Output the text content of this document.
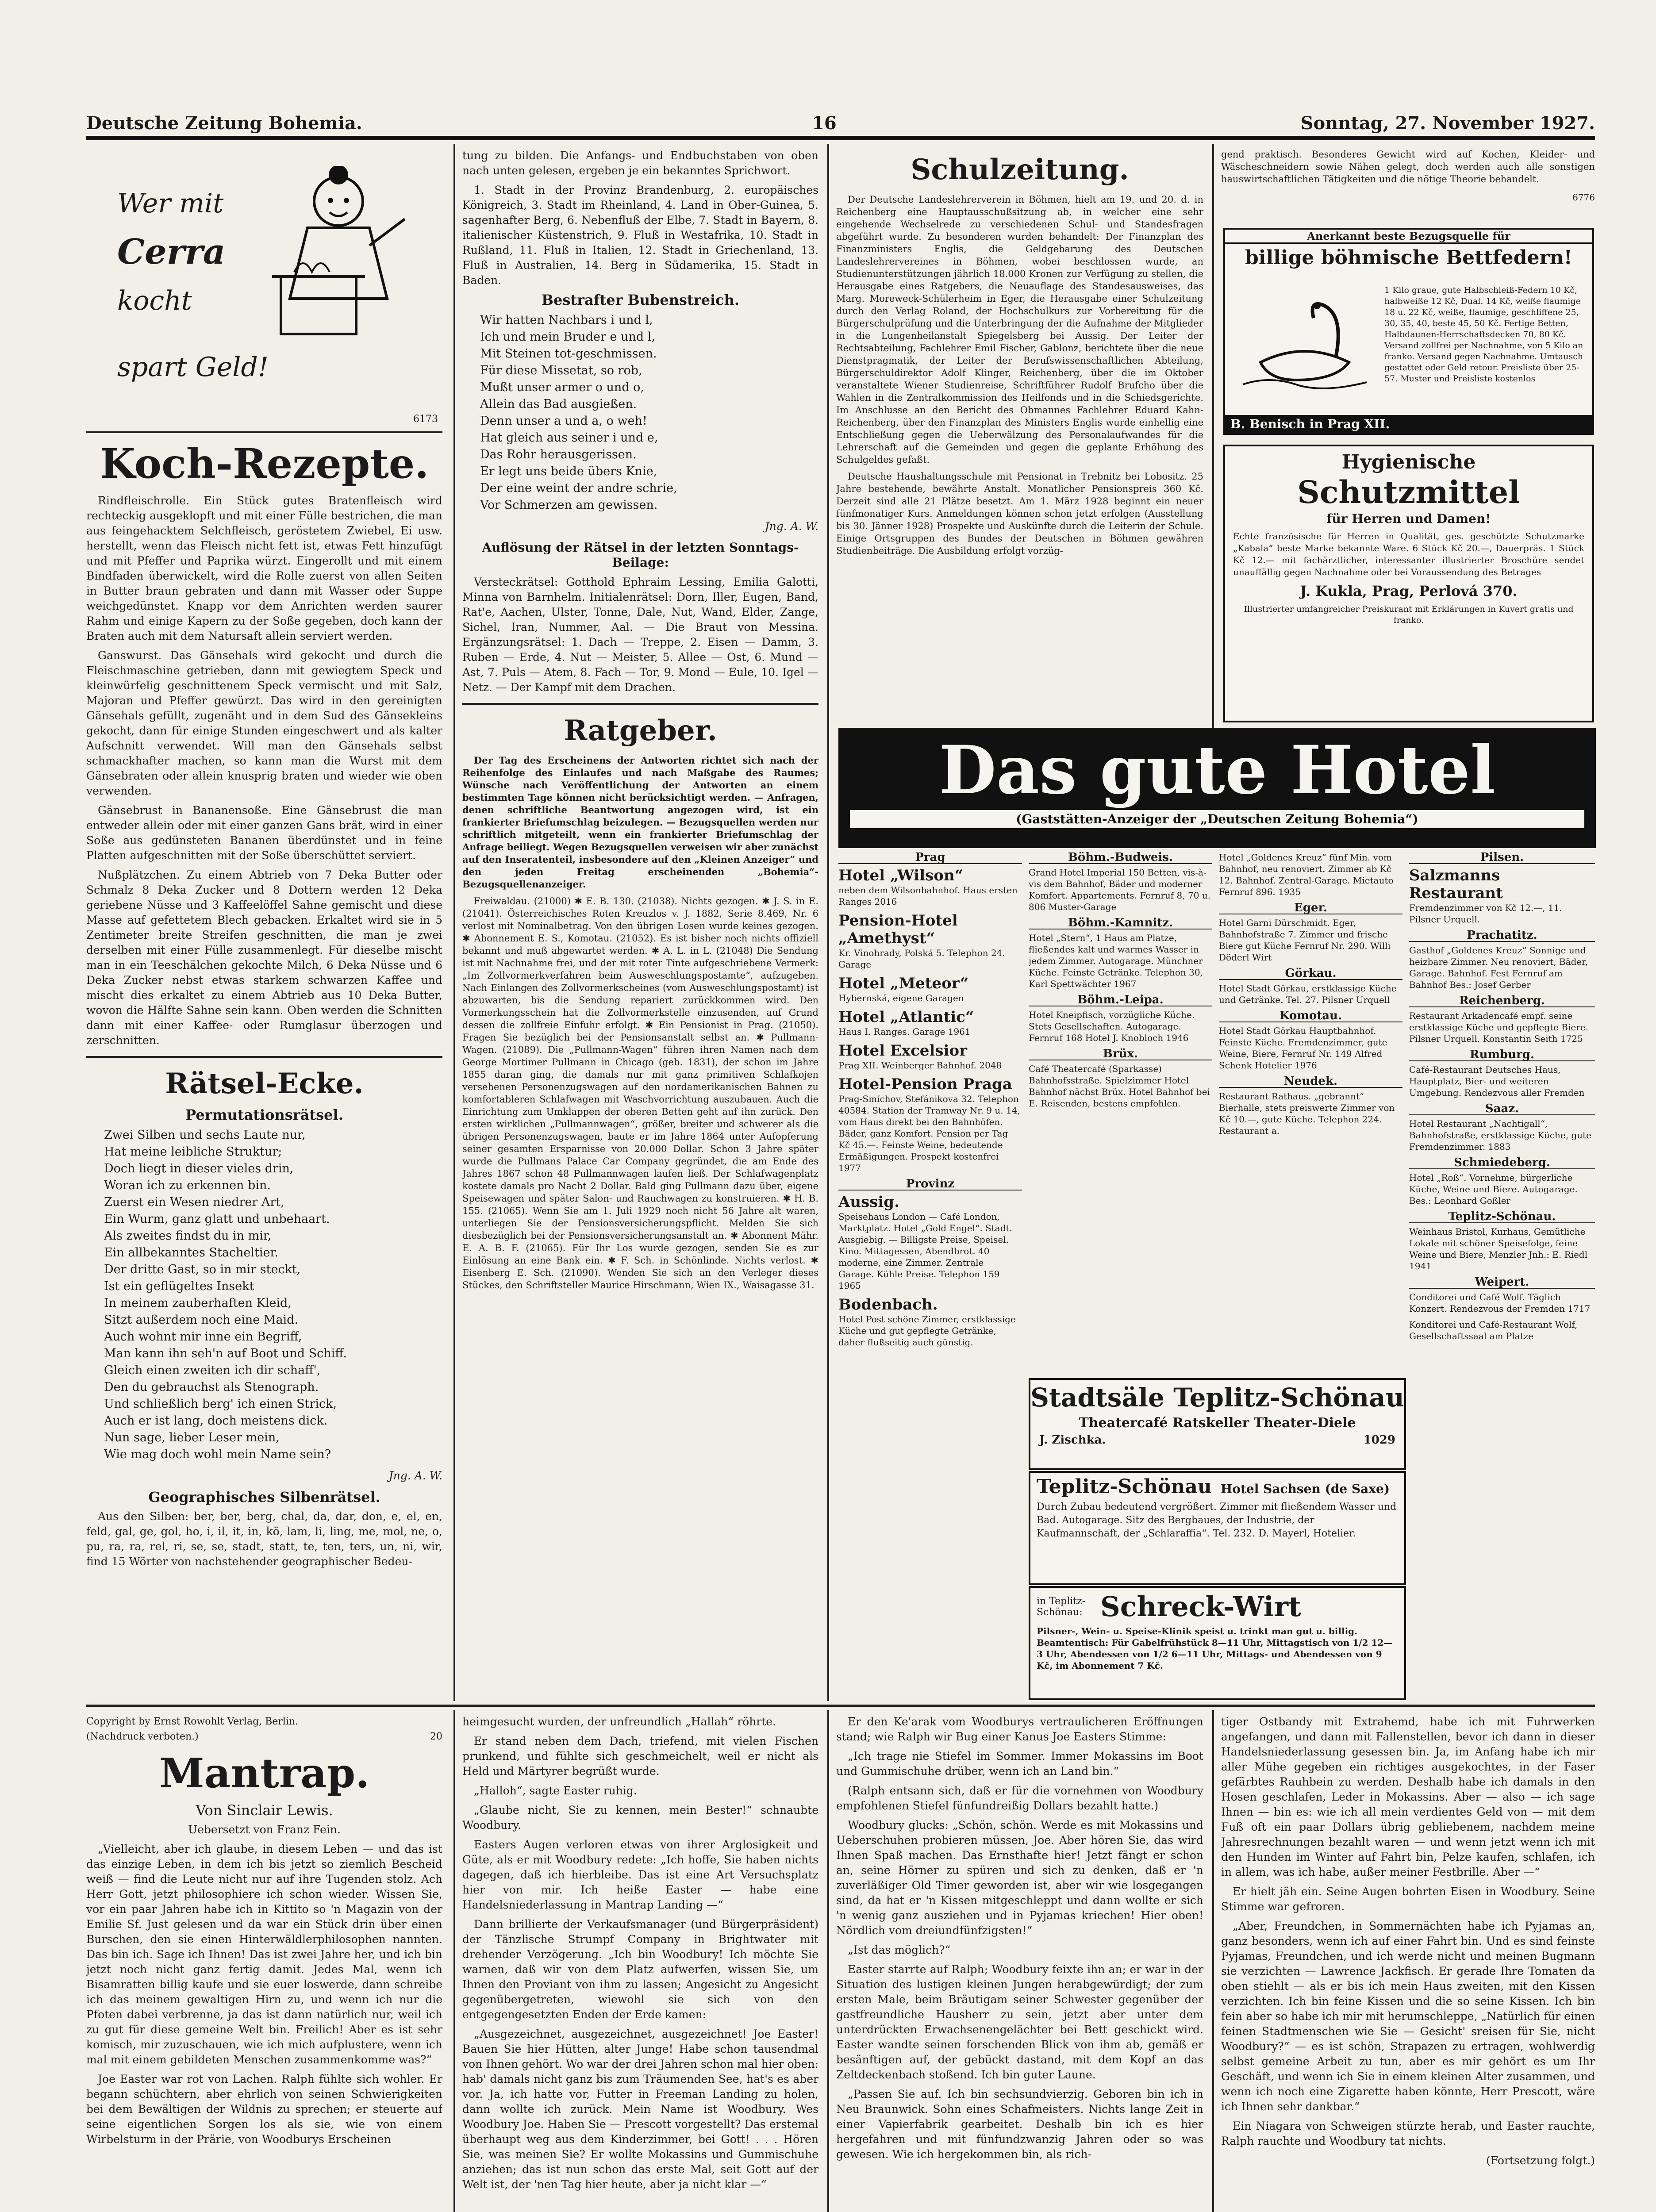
Deutsche Zeitung Bohemia.	16	Sonntag, 27. November 1927.
Wer mit
Cerra
kocht
spart Geld!
6173
Koch-Rezepte.

Rindfleischrolle. Ein Stück gutes Bratenfleisch wird rechteckig ausgeklopft und mit einer Fülle bestrichen, die man aus feingehacktem Selchfleisch, geröstetem Zwiebel, Ei usw. herstellt, wenn das Fleisch nicht fett ist, etwas Fett hinzufügt und mit Pfeffer und Paprika würzt. Eingerollt und mit einem Bindfaden überwickelt, wird die Rolle zuerst von allen Seiten in Butter braun gebraten und dann mit Wasser oder Suppe weichgedünstet. Knapp vor dem Anrichten werden saurer Rahm und einige Kapern zu der Soße gegeben, doch kann der Braten auch mit dem Natursaft allein serviert werden.

Ganswurst. Das Gänsehals wird gekocht und durch die Fleischmaschine getrieben, dann mit gewiegtem Speck und kleinwürfelig geschnittenem Speck vermischt und mit Salz, Majoran und Pfeffer gewürzt. Das wird in den gereinigten Gänsehals gefüllt, zugenäht und in dem Sud des Gänsekleins gekocht, dann für einige Stunden eingeschwert und als kalter Aufschnitt verwendet. Will man den Gänsehals selbst schmackhafter machen, so kann man die Wurst mit dem Gänsebraten oder allein knusprig braten und wieder wie oben verwenden.

Gänsebrust in Bananensoße. Eine Gänsebrust die man entweder allein oder mit einer ganzen Gans brät, wird in einer Soße aus gedünsteten Bananen überdünstet und in feine Platten aufgeschnitten mit der Soße überschüttet serviert.

Nußplätzchen. Zu einem Abtrieb von 7 Deka Butter oder Schmalz 8 Deka Zucker und 8 Dottern werden 12 Deka geriebene Nüsse und 3 Kaffeelöffel Sahne gemischt und diese Masse auf gefettetem Blech gebacken. Erkaltet wird sie in 5 Zentimeter breite Streifen geschnitten, die man je zwei derselben mit einer Fülle zusammenlegt. Für dieselbe mischt man in ein Teeschälchen gekochte Milch, 6 Deka Nüsse und 6 Deka Zucker nebst etwas starkem schwarzen Kaffee und mischt dies erkaltet zu einem Abtrieb aus 10 Deka Butter, wovon die Hälfte Sahne sein kann. Oben werden die Schnitten dann mit einer Kaffee- oder Rumglasur überzogen und zerschnitten.

Rätsel-Ecke.
Permutationsrätsel.
Zwei Silben und sechs Laute nur,
Hat meine leibliche Struktur;
Doch liegt in dieser vieles drin,
Woran ich zu erkennen bin.
Zuerst ein Wesen niedrer Art,
Ein Wurm, ganz glatt und unbehaart.
Als zweites findst du in mir,
Ein allbekanntes Stacheltier.
Der dritte Gast, so in mir steckt,
Ist ein geflügeltes Insekt
In meinem zauberhaften Kleid,
Sitzt außerdem noch eine Maid.
Auch wohnt mir inne ein Begriff,
Man kann ihn seh'n auf Boot und Schiff.
Gleich einen zweiten ich dir schaff',
Den du gebrauchst als Stenograph.
Und schließlich berg' ich einen Strick,
Auch er ist lang, doch meistens dick.
Nun sage, lieber Leser mein,
Wie mag doch wohl mein Name sein?
Jng. A. W.
Geographisches Silbenrätsel.

Aus den Silben: ber, ber, berg, chal, da, dar, don, e, el, en, feld, gal, ge, gol, ho, i, il, it, in, kö, lam, li, ling, me, mol, ne, o, pu, ra, ra, rel, ri, se, se, stadt, statt, te, ten, ters, un, ni, wir, find 15 Wörter von nachstehender geographischer Bedeu-

tung zu bilden. Die Anfangs- und Endbuchstaben von oben nach unten gelesen, ergeben je ein bekanntes Sprichwort.

1. Stadt in der Provinz Brandenburg, 2. europäisches Königreich, 3. Stadt im Rheinland, 4. Land in Ober-Guinea, 5. sagenhafter Berg, 6. Nebenfluß der Elbe, 7. Stadt in Bayern, 8. italienischer Küstenstrich, 9. Fluß in Westafrika, 10. Stadt in Rußland, 11. Fluß in Italien, 12. Stadt in Griechenland, 13. Fluß in Australien, 14. Berg in Südamerika, 15. Stadt in Baden.

Bestrafter Bubenstreich.
Wir hatten Nachbars i und l,
Ich und mein Bruder e und l,
Mit Steinen tot-geschmissen.
Für diese Missetat, so rob,
Mußt unser armer o und o,
Allein das Bad ausgießen.
Denn unser a und a, o weh!
Hat gleich aus seiner i und e,
Das Rohr herausgerissen.
Er legt uns beide übers Knie,
Der eine weint der andre schrie,
Vor Schmerzen am gewissen.
Jng. A. W.
Auflösung der Rätsel in der letzten Sonntags-Beilage:

Versteckrätsel: Gotthold Ephraim Lessing, Emilia Galotti, Minna von Barnhelm. Initialenrätsel: Dorn, Iller, Eugen, Band, Rat'e, Aachen, Ulster, Tonne, Dale, Nut, Wand, Elder, Zange, Sichel, Iran, Nummer, Aal. — Die Braut von Messina. Ergänzungsrätsel: 1. Dach — Treppe, 2. Eisen — Damm, 3. Ruben — Erde, 4. Nut — Meister, 5. Allee — Ost, 6. Mund — Ast, 7. Puls — Atem, 8. Fach — Tor, 9. Mond — Eule, 10. Igel — Netz. — Der Kampf mit dem Drachen.

Ratgeber.

Der Tag des Erscheinens der Antworten richtet sich nach der Reihenfolge des Einlaufes und nach Maßgabe des Raumes; Wünsche nach Veröffentlichung der Antworten an einem bestimmten Tage können nicht berücksichtigt werden. — Anfragen, denen schriftliche Beantwortung angezogen wird, ist ein frankierter Briefumschlag beizulegen. — Bezugsquellen werden nur schriftlich mitgeteilt, wenn ein frankierter Briefumschlag der Anfrage beiliegt. Wegen Bezugsquellen verweisen wir aber zunächst auf den Inseratenteil, insbesondere auf den „Kleinen Anzeiger“ und den jeden Freitag erscheinenden „Bohemia“-Bezugsquellenanzeiger.

Freiwaldau. (21000) ✱ E. B. 130. (21038). Nichts gezogen. ✱ J. S. in E. (21041). Österreichisches Roten Kreuzlos v. J. 1882, Serie 8.469, Nr. 6 verlost mit Nominalbetrag. Von den übrigen Losen wurde keines gezogen. ✱ Abonnement E. S., Komotau. (21052). Es ist bisher noch nichts offiziell bekannt und muß abgewartet werden. ✱ A. L. in L. (21048) Die Sendung ist mit Nachnahme frei, und der mit roter Tinte aufgeschriebene Vermerk: „Im Zollvormerkverfahren beim Ausweschlungspostamte“, aufzugeben. Nach Einlangen des Zollvormerkscheines (vom Ausweschlungspostamt) ist abzuwarten, bis die Sendung repariert zurückkommen wird. Den Vormerkungsschein hat die Zollvormerkstelle einzusenden, auf Grund dessen die zollfreie Einfuhr erfolgt. ✱ Ein Pensionist in Prag. (21050). Fragen Sie bezüglich bei der Pensionsanstalt selbst an. ✱ Pullmann-Wagen. (21089). Die „Pullmann-Wagen“ führen ihren Namen nach dem George Mortimer Pullmann in Chicago (geb. 1831), der schon im Jahre 1855 daran ging, die damals nur mit ganz primitiven Schlafkojen versehenen Personenzugswagen auf den nordamerikanischen Bahnen zu komfortableren Schlafwagen mit Waschvorrichtung auszubauen. Auch die Einrichtung zum Umklappen der oberen Betten geht auf ihn zurück. Den ersten wirklichen „Pullmannwagen“, größer, breiter und schwerer als die übrigen Personenzugswagen, baute er im Jahre 1864 unter Aufopferung seiner gesamten Ersparnisse von 20.000 Dollar. Schon 3 Jahre später wurde die Pullmans Palace Car Company gegründet, die am Ende des Jahres 1867 schon 48 Pullmannwagen laufen ließ. Der Schlafwagenplatz kostete damals pro Nacht 2 Dollar. Bald ging Pullmann dazu über, eigene Speisewagen und später Salon- und Rauchwagen zu konstruieren. ✱ H. B. 155. (21065). Wenn Sie am 1. Juli 1929 noch nicht 56 Jahre alt waren, unterliegen Sie der Pensionsversicherungspflicht. Melden Sie sich diesbezüglich bei der Pensionsversicherungsanstalt an. ✱ Abonnent Mähr. E. A. B. F. (21065). Für Ihr Los wurde gezogen, senden Sie es zur Einlösung an eine Bank ein. ✱ F. Sch. in Schönlinde. Nichts verlost. ✱ Eisenberg E. Sch. (21090). Wenden Sie sich an den Verleger dieses Stückes, den Schriftsteller Maurice Hirschmann, Wien IX., Waisagasse 31.

Schulzeitung.

Der Deutsche Landeslehrerverein in Böhmen, hielt am 19. und 20. d. in Reichenberg eine Hauptausschußsitzung ab, in welcher eine sehr eingehende Wechselrede zu verschiedenen Schul- und Standesfragen abgeführt wurde. Zu besonderen wurden behandelt: Der Finanzplan des Finanzministers Englis, die Geldgebarung des Deutschen Landeslehrervereines in Böhmen, wobei beschlossen wurde, an Studienunterstützungen jährlich 18.000 Kronen zur Verfügung zu stellen, die Herausgabe eines Ratgebers, die Neuauflage des Standesausweises, das Marg. Moreweck-Schülerheim in Eger, die Herausgabe einer Schulzeitung durch den Verlag Roland, der Hochschulkurs zur Vorbereitung für die Bürgerschulprüfung und die Unterbringung der die Aufnahme der Mitglieder in die Lungenheilanstalt Spiegelsberg bei Aussig. Der Leiter der Rechtsabteilung, Fachlehrer Emil Fischer, Gablonz, berichtete über die neue Dienstpragmatik, der Leiter der Berufswissenschaftlichen Abteilung, Bürgerschuldirektor Adolf Klinger, Reichenberg, über die im Oktober veranstaltete Wiener Studienreise, Schriftführer Rudolf Brufcho über die Wahlen in die Zentralkommission des Heilfonds und in die Schiedsgerichte. Im Anschlusse an den Bericht des Obmannes Fachlehrer Eduard Kahn-Reichenberg, über den Finanzplan des Ministers Englis wurde einhellig eine Entschließung gegen die Ueberwälzung des Personalaufwandes für die Lehrerschaft auf die Gemeinden und gegen die geplante Erhöhung des Schulgeldes gefaßt.

Deutsche Haushaltungsschule mit Pensionat in Trebnitz bei Lobositz. 25 Jahre bestehende, bewährte Anstalt. Monatlicher Pensionspreis 360 Kč. Derzeit sind alle 21 Plätze besetzt. Am 1. März 1928 beginnt ein neuer fünfmonatiger Kurs. Anmeldungen können schon jetzt erfolgen (Ausstellung bis 30. Jänner 1928) Prospekte und Auskünfte durch die Leiterin der Schule. Einige Ortsgruppen des Bundes der Deutschen in Böhmen gewähren Studienbeiträge. Die Ausbildung erfolgt vorzüg-

gend praktisch. Besonderes Gewicht wird auf Kochen, Kleider- und Wäscheschneidern sowie Nähen gelegt, doch werden auch alle sonstigen hauswirtschaftlichen Tätigkeiten und die nötige Theorie behandelt.

6776
Anerkannt beste Bezugsquelle für
billige böhmische Bettfedern!
1 Kilo graue, gute Halbschleiß-Federn 10 Kč, halbweiße 12 Kč, Dual. 14 Kč, weiße flaumige 18 u. 22 Kč, weiße, flaumige, geschliffene 25, 30, 35, 40, beste 45, 50 Kč. Fertige Betten, Halbdaunen-Herrschaftsdecken 70, 80 Kč. Versand zollfrei per Nachnahme, von 5 Kilo an franko. Versand gegen Nachnahme. Umtausch gestattet oder Geld retour. Preisliste über 25-57. Muster und Preisliste kostenlos
B. Benisch in Prag XII.
Hygienische
Schutzmittel
für Herren und Damen!
Echte französische für Herren in Qualität, ges. geschützte Schutzmarke „Kabala“ beste Marke bekannte Ware. 6 Stück Kč 20.—, Dauerpräs. 1 Stück Kč 12.— mit fachärztlicher, interessanter illustrierter Broschüre sendet unauffällig gegen Nachnahme oder bei Voraussendung des Betrages
J. Kukla, Prag, Perlová 370.
Illustrierter umfangreicher Preiskurant mit Erklärungen in Kuvert gratis und franko.
Das gute Hotel
(Gaststätten-Anzeiger der „Deutschen Zeitung Bohemia“)
Prag
Hotel „Wilson“
neben dem Wilsonbahnhof. Haus ersten Ranges 2016
Pension-Hotel „Amethyst“
Kr. Vinohrady, Polská 5. Telephon 24. Garage
Hotel „Meteor“
Hybernská, eigene Garagen
Hotel „Atlantic“
Haus I. Ranges. Garage 1961
Hotel Excelsior
Prag XII. Weinberger Bahnhof. 2048
Hotel-Pension Praga
Prag-Smíchov, Stefánikova 32. Telephon 40584. Station der Tramway Nr. 9 u. 14, vom Haus direkt bei den Bahnhöfen. Bäder, ganz Komfort. Pension per Tag Kč 45.—. Feinste Weine, bedeutende Ermäßigungen. Prospekt kostenfrei 1977
Provinz
Aussig.
Speisehaus London — Café London, Marktplatz. Hotel „Gold Engel“. Stadt. Ausgiebig. — Billigste Preise, Speisel. Kino. Mittagessen, Abendbrot. 40 moderne, eine Zimmer. Zentrale Garage. Kühle Preise. Telephon 159 1965
Bodenbach.
Hotel Post schöne Zimmer, erstklassige Küche und gut gepflegte Getränke, daher flußseitig auch günstig.
Böhm.-Budweis.
Grand Hotel Imperial 150 Betten, vis-à-vis dem Bahnhof, Bäder und moderner Komfort. Appartements. Fernruf 8, 70 u. 806 Muster-Garage
Böhm.-Kamnitz.
Hotel „Stern“, 1 Haus am Platze, fließendes kalt und warmes Wasser in jedem Zimmer. Autogarage. Münchner Küche. Feinste Getränke. Telephon 30, Karl Spettwächter 1967
Böhm.-Leipa.
Hotel Kneipfisch, vorzügliche Küche. Stets Gesellschaften. Autogarage. Fernruf 168 Hotel J. Knobloch 1946
Brüx.
Café Theatercafé (Sparkasse) Bahnhofsstraße. Spielzimmer Hotel Bahnhof nächst Brüx. Hotel Bahnhof bei E. Reisenden, bestens empfohlen.
Hotel „Goldenes Kreuz“ fünf Min. vom Bahnhof, neu renoviert. Zimmer ab Kč 12. Bahnhof. Zentral-Garage. Mietauto Fernruf 896. 1935
Eger.
Hotel Garni Dürschmidt. Eger, Bahnhofstraße 7. Zimmer und frische Biere gut Küche Fernruf Nr. 290. Willi Döderl Wirt
Görkau.
Hotel Stadt Görkau, erstklassige Küche und Getränke. Tel. 27. Pilsner Urquell
Komotau.
Hotel Stadt Görkau Hauptbahnhof. Feinste Küche. Fremdenzimmer, gute Weine, Biere, Fernruf Nr. 149 Alfred Schenk Hotelier 1976
Neudek.
Restaurant Rathaus. „gebrannt“ Bierhalle, stets preiswerte Zimmer von Kč 10.—, gute Küche. Telephon 224. Restaurant a.
Pilsen.
Salzmanns Restaurant
Fremdenzimmer von Kč 12.—, 11. Pilsner Urquell.
Prachatitz.
Gasthof „Goldenes Kreuz“ Sonnige und heizbare Zimmer. Neu renoviert, Bäder, Garage. Bahnhof. Fest Fernruf am Bahnhof Bes.: Josef Gerber
Reichenberg.
Restaurant Arkadencafé empf. seine erstklassige Küche und gepflegte Biere. Pilsner Urquell. Konstantin Seith 1725
Rumburg.
Café-Restaurant Deutsches Haus, Hauptplatz, Bier- und weiteren Umgebung. Rendezvous aller Fremden
Saaz.
Hotel Restaurant „Nachtigall“, Bahnhofstraße, erstklassige Küche, gute Fremdenzimmer. 1883
Schmiedeberg.
Hotel „Roß“. Vornehme, bürgerliche Küche, Weine und Biere. Autogarage. Bes.: Leonhard Goßler
Teplitz-Schönau.
Weinhaus Bristol, Kurhaus, Gemütliche Lokale mit schöner Speisefolge, feine Weine und Biere, Menzler Jnh.: E. Riedl 1941
Weipert.
Conditorei und Café Wolf. Täglich Konzert. Rendezvous der Fremden 1717
Konditorei und Café-Restaurant Wolf, Gesellschaftssaal am Platze
Stadtsäle Teplitz-Schönau
Theatercafé Ratskeller Theater-Diele
J. Zischka.	1029
Teplitz-Schönau Hotel Sachsen (de Saxe)
Durch Zubau bedeutend vergrößert. Zimmer mit fließendem Wasser und Bad. Autogarage. Sitz des Bergbaues, der Industrie, der Kaufmannschaft, der „Schlaraffia“. Tel. 232. D. Mayerl, Hotelier.
in Teplitz-Schönau: Schreck-Wirt
Pilsner-, Wein- u. Speise-Klinik speist u. trinkt man gut u. billig. Beamtentisch: Für Gabelfrühstück 8—11 Uhr, Mittagstisch von 1/2 12—3 Uhr, Abendessen von 1/2 6—11 Uhr, Mittags- und Abendessen von 9 Kč, im Abonnement 7 Kč.
Copyright by Ernst Rowohlt Verlag, Berlin.
(Nachdruck verboten.)	20
Mantrap.
Von Sinclair Lewis.
Uebersetzt von Franz Fein.

„Vielleicht, aber ich glaube, in diesem Leben — und das ist das einzige Leben, in dem ich bis jetzt so ziemlich Bescheid weiß — find die Leute nicht nur auf ihre Tugenden stolz. Ach Herr Gott, jetzt philosophiere ich schon wieder. Wissen Sie, vor ein paar Jahren habe ich in Kittito so 'n Magazin von der Emilie Sf. Just gelesen und da war ein Stück drin über einen Burschen, den sie einen Hinterwäldlerphilosophen nannten. Das bin ich. Sage ich Ihnen! Das ist zwei Jahre her, und ich bin jetzt noch nicht ganz fertig damit. Jedes Mal, wenn ich Bisamratten billig kaufe und sie euer loswerde, dann schreibe ich das meinem gewaltigen Hirn zu, und wenn ich nur die Pfoten dabei verbrenne, ja das ist dann natürlich nur, weil ich zu gut für diese gemeine Welt bin. Freilich! Aber es ist sehr komisch, mir zuzuschauen, wie ich mich aufplustere, wenn ich mal mit einem gebildeten Menschen zusammenkomme was?“

Joe Easter war rot von Lachen. Ralph fühlte sich wohler. Er begann schüchtern, aber ehrlich von seinen Schwierigkeiten bei dem Bewältigen der Wildnis zu sprechen; er steuerte auf seine eigentlichen Sorgen los als sie, wie von einem Wirbelsturm in der Prärie, von Woodburys Erscheinen

heimgesucht wurden, der unfreundlich „Hallah“ röhrte.

Er stand neben dem Dach, triefend, mit vielen Fischen prunkend, und fühlte sich geschmeichelt, weil er nicht als Held und Märtyrer begrüßt wurde.

„Halloh“, sagte Easter ruhig.

„Glaube nicht, Sie zu kennen, mein Bester!“ schnaubte Woodbury.

Easters Augen verloren etwas von ihrer Arglosigkeit und Güte, als er mit Woodbury redete: „Ich hoffe, Sie haben nichts dagegen, daß ich hierbleibe. Das ist eine Art Versuchsplatz hier von mir. Ich heiße Easter — habe eine Handelsniederlassung in Mantrap Landing —“

Dann brillierte der Verkaufsmanager (und Bürgerpräsident) der Tänzlische Strumpf Company in Brightwater mit drehender Verzögerung. „Ich bin Woodbury! Ich möchte Sie warnen, daß wir von dem Platz aufwerfen, wissen Sie, um Ihnen den Proviant von ihm zu lassen; Angesicht zu Angesicht gegenübergetreten, wiewohl sie sich von den entgegengesetzten Enden der Erde kamen:

„Ausgezeichnet, ausgezeichnet, ausgezeichnet! Joe Easter! Bauen Sie hier Hütten, alter Junge! Habe schon tausendmal von Ihnen gehört. Wo war der drei Jahren schon mal hier oben: hab' damals nicht ganz bis zum Träumenden See, hat's es aber vor. Ja, ich hatte vor, Futter in Freeman Landing zu holen, dann wollte ich zurück. Mein Name ist Woodbury. Wes Woodbury Joe. Haben Sie — Prescott vorgestellt? Das erstemal überhaupt weg aus dem Kinderzimmer, bei Gott! . . . Hören Sie, was meinen Sie? Er wollte Mokassins und Gummischuhe anziehen; das ist nun schon das erste Mal, seit Gott auf der Welt ist, der 'nen Tag hier heute, aber ja nicht klar —“

Er den Ke'arak vom Woodburys vertraulicheren Eröffnungen stand; wie Ralph wir Bug einer Kanus Joe Easters Stimme:

„Ich trage nie Stiefel im Sommer. Immer Mokassins im Boot und Gummischuhe drüber, wenn ich an Land bin.“

(Ralph entsann sich, daß er für die vornehmen von Woodbury empfohlenen Stiefel fünfundreißig Dollars bezahlt hatte.)

Woodbury glucks: „Schön, schön. Werde es mit Mokassins und Ueberschuhen probieren müssen, Joe. Aber hören Sie, das wird Ihnen Spaß machen. Das Ernsthafte hier! Jetzt fängt er schon an, seine Hörner zu spüren und sich zu denken, daß er 'n zuverläßiger Old Timer geworden ist, aber wir wie losgegangen sind, da hat er 'n Kissen mitgeschleppt und dann wollte er sich 'n wenig ganz ausziehen und in Pyjamas kriechen! Hier oben! Nördlich vom dreiundfünfzigsten!“

„Ist das möglich?“

Easter starrte auf Ralph; Woodbury feixte ihn an; er war in der Situation des lustigen kleinen Jungen herabgewürdigt; der zum ersten Male, beim Bräutigam seiner Schwester gegenüber der gastfreundliche Hausherr zu sein, jetzt aber unter dem unterdrückten Erwachsenengelächter bei Bett geschickt wird. Easter wandte seinen forschenden Blick von ihm ab, gemäß er besänftigen auf, der gebückt dastand, mit dem Kopf an das Zeltdeckenbach stoßend. Ich bin guter Laune.

„Passen Sie auf. Ich bin sechsundvierzig. Geboren bin ich in Neu Braunwick. Sohn eines Schafmeisters. Nichts lange Zeit in einer Vapierfabrik gearbeitet. Deshalb bin ich es hier hergefahren und mit fünfundzwanzig Jahren oder so was gewesen. Wie ich hergekommen bin, als rich-

tiger Ostbandy mit Extrahemd, habe ich mit Fuhrwerken angefangen, und dann mit Fallenstellen, bevor ich dann in dieser Handelsniederlassung gesessen bin. Ja, im Anfang habe ich mir aller Mühe gegeben ein richtiges ausgekochtes, in der Faser gefärbtes Rauhbein zu werden. Deshalb habe ich damals in den Hosen geschlafen, Leder in Mokassins. Aber — also — ich sage Ihnen — bin es: wie ich all mein verdientes Geld von — mit dem Fuß oft ein paar Dollars übrig gebliebenem, nachdem meine Jahresrechnungen bezahlt waren — und wenn jetzt wenn ich mit den Hunden im Winter auf Fahrt bin, Pelze kaufen, schlafen, ich in allem, was ich habe, außer meiner Festbrille. Aber —“

Er hielt jäh ein. Seine Augen bohrten Eisen in Woodbury. Seine Stimme war gefroren.

„Aber, Freundchen, in Sommernächten habe ich Pyjamas an, ganz besonders, wenn ich auf einer Fahrt bin. Und es sind feinste Pyjamas, Freundchen, und ich werde nicht und meinen Bugmann sie verzichten — Lawrence Jackfisch. Er gerade Ihre Tomaten da oben stiehlt — als er bis ich mein Haus zweiten, mit den Kissen verzichten. Ich bin feine Kissen und die so seine Kissen. Ich bin fein aber so habe ich mir mit herumschleppe, „Natürlich für einen feinen Stadtmenschen wie Sie — Gesicht' sreisen für Sie, nicht Woodbury?“ — es ist schön, Strapazen zu ertragen, wohlwerdig selbst gemeine Arbeit zu tun, aber es mir gehört es um Ihr Geschäft, und wenn ich Sie in einem kleinen Alter zusammen, und wenn ich noch eine Zigarette haben könnte, Herr Prescott, wäre ich Ihnen sehr dankbar.“

Ein Niagara von Schweigen stürzte herab, und Easter rauchte, Ralph rauchte und Woodbury tat nichts.

(Fortsetzung folgt.)
